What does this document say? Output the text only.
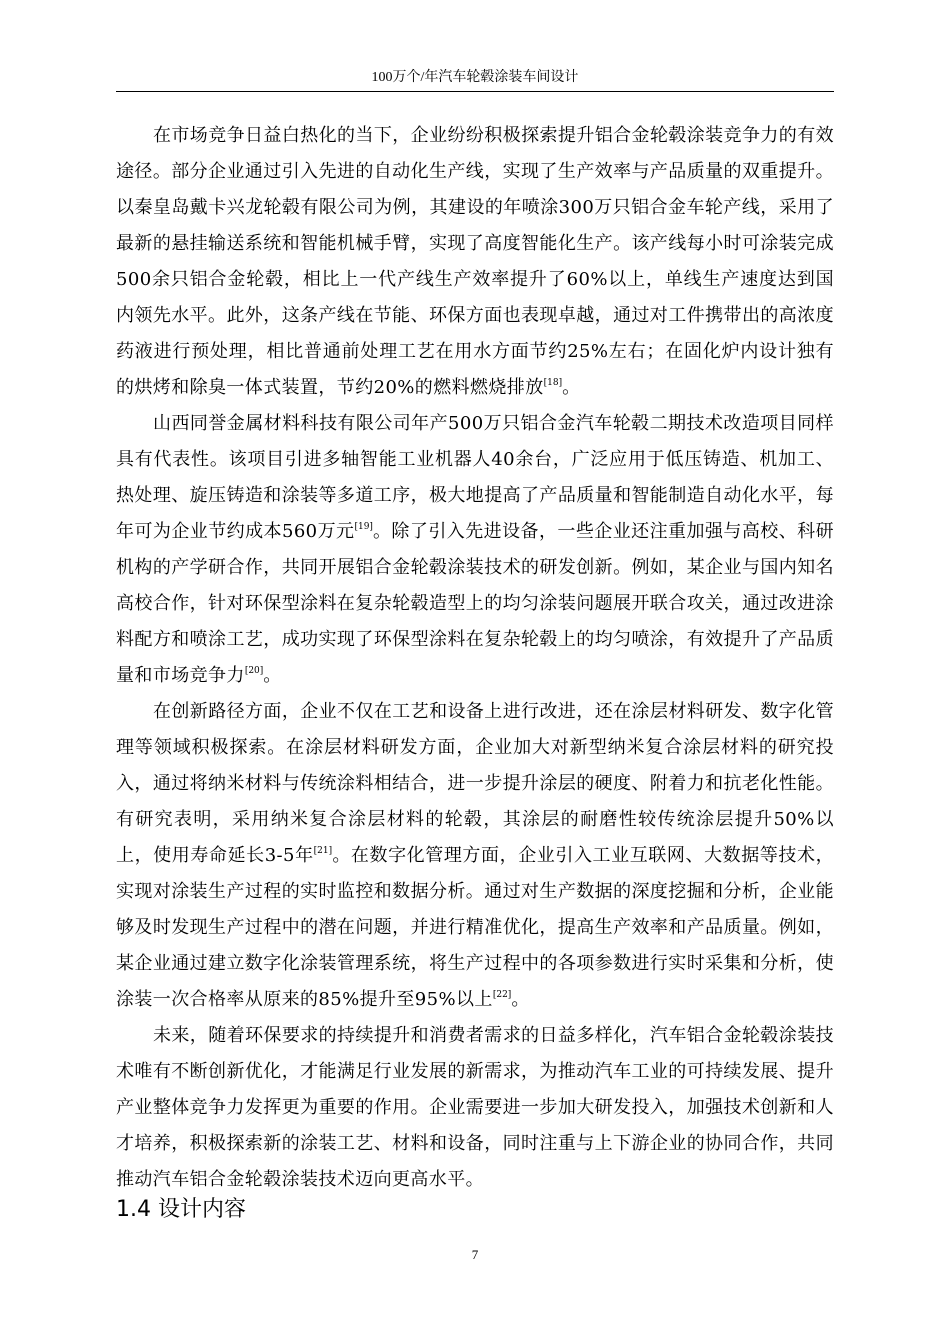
100万个/年汽车轮毂涂装车间设计

在市场竞争日益白热化的当下，企业纷纷积极探索提升铝合金轮毂涂装竞争力的有效途径。部分企业通过引入先进的自动化生产线，实现了生产效率与产品质量的双重提升。以秦皇岛戴卡兴龙轮毂有限公司为例，其建设的年喷涂300万只铝合金车轮产线，采用了最新的悬挂输送系统和智能机械手臂，实现了高度智能化生产。该产线每小时可涂装完成500余只铝合金轮毂，相比上一代产线生产效率提升了60%以上，单线生产速度达到国内领先水平。此外，这条产线在节能、环保方面也表现卓越，通过对工件携带出的高浓度药液进行预处理，相比普通前处理工艺在用水方面节约25%左右；在固化炉内设计独有的烘烤和除臭一体式装置，节约20%的燃料燃烧排放[18]。

山西同誉金属材料科技有限公司年产500万只铝合金汽车轮毂二期技术改造项目同样具有代表性。该项目引进多轴智能工业机器人40余台，广泛应用于低压铸造、机加工、热处理、旋压铸造和涂装等多道工序，极大地提高了产品质量和智能制造自动化水平，每年可为企业节约成本560万元[19]。除了引入先进设备，一些企业还注重加强与高校、科研机构的产学研合作，共同开展铝合金轮毂涂装技术的研发创新。例如，某企业与国内知名高校合作，针对环保型涂料在复杂轮毂造型上的均匀涂装问题展开联合攻关，通过改进涂料配方和喷涂工艺，成功实现了环保型涂料在复杂轮毂上的均匀喷涂，有效提升了产品质量和市场竞争力[20]。

在创新路径方面，企业不仅在工艺和设备上进行改进，还在涂层材料研发、数字化管理等领域积极探索。在涂层材料研发方面，企业加大对新型纳米复合涂层材料的研究投入，通过将纳米材料与传统涂料相结合，进一步提升涂层的硬度、附着力和抗老化性能。有研究表明，采用纳米复合涂层材料的轮毂，其涂层的耐磨性较传统涂层提升50%以上，使用寿命延长3-5年[21]。在数字化管理方面，企业引入工业互联网、大数据等技术，实现对涂装生产过程的实时监控和数据分析。通过对生产数据的深度挖掘和分析，企业能够及时发现生产过程中的潜在问题，并进行精准优化，提高生产效率和产品质量。例如，某企业通过建立数字化涂装管理系统，将生产过程中的各项参数进行实时采集和分析，使涂装一次合格率从原来的85%提升至95%以上[22]。

未来，随着环保要求的持续提升和消费者需求的日益多样化，汽车铝合金轮毂涂装技术唯有不断创新优化，才能满足行业发展的新需求，为推动汽车工业的可持续发展、提升产业整体竞争力发挥更为重要的作用。企业需要进一步加大研发投入，加强技术创新和人才培养，积极探索新的涂装工艺、材料和设备，同时注重与上下游企业的协同合作，共同推动汽车铝合金轮毂涂装技术迈向更高水平。

1.4 设计内容
7
